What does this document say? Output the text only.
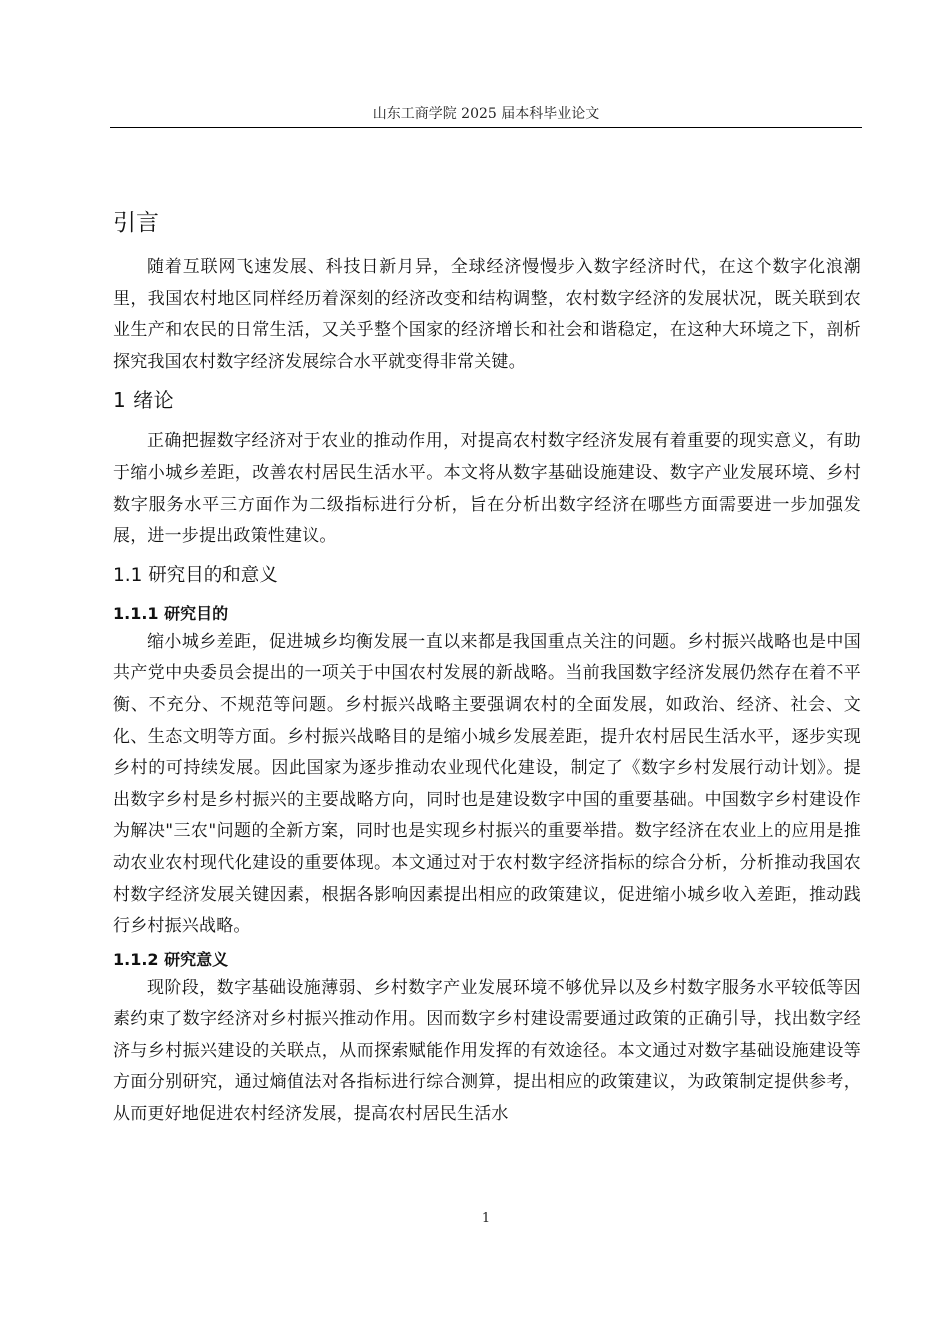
山东工商学院 2025 届本科毕业论文
引言

随着互联网飞速发展、科技日新月异，全球经济慢慢步入数字经济时代，在这个数字化浪潮里，我国农村地区同样经历着深刻的经济改变和结构调整，农村数字经济的发展状况，既关联到农业生产和农民的日常生活，又关乎整个国家的经济增长和社会和谐稳定，在这种大环境之下，剖析探究我国农村数字经济发展综合水平就变得非常关键。

1 绪论

正确把握数字经济对于农业的推动作用，对提高农村数字经济发展有着重要的现实意义，有助于缩小城乡差距，改善农村居民生活水平。本文将从数字基础设施建设、数字产业发展环境、乡村数字服务水平三方面作为二级指标进行分析，旨在分析出数字经济在哪些方面需要进一步加强发展，进一步提出政策性建议。

1.1 研究目的和意义
1.1.1 研究目的

缩小城乡差距，促进城乡均衡发展一直以来都是我国重点关注的问题。乡村振兴战略也是中国共产党中央委员会提出的一项关于中国农村发展的新战略。当前我国数字经济发展仍然存在着不平衡、不充分、不规范等问题。乡村振兴战略主要强调农村的全面发展，如政治、经济、社会、文化、生态文明等方面。乡村振兴战略目的是缩小城乡发展差距，提升农村居民生活水平，逐步实现乡村的可持续发展。因此国家为逐步推动农业现代化建设，制定了《数字乡村发展行动计划》。提出数字乡村是乡村振兴的主要战略方向，同时也是建设数字中国的重要基础。中国数字乡村建设作为解决"三农"问题的全新方案，同时也是实现乡村振兴的重要举措。数字经济在农业上的应用是推动农业农村现代化建设的重要体现。本文通过对于农村数字经济指标的综合分析，分析推动我国农村数字经济发展关键因素，根据各影响因素提出相应的政策建议，促进缩小城乡收入差距，推动践行乡村振兴战略。

1.1.2 研究意义

现阶段，数字基础设施薄弱、乡村数字产业发展环境不够优异以及乡村数字服务水平较低等因素约束了数字经济对乡村振兴推动作用。因而数字乡村建设需要通过政策的正确引导，找出数字经济与乡村振兴建设的关联点，从而探索赋能作用发挥的有效途径。本文通过对数字基础设施建设等方面分别研究，通过熵值法对各指标进行综合测算，提出相应的政策建议，为政策制定提供参考，从而更好地促进农村经济发展，提高农村居民生活水

1
